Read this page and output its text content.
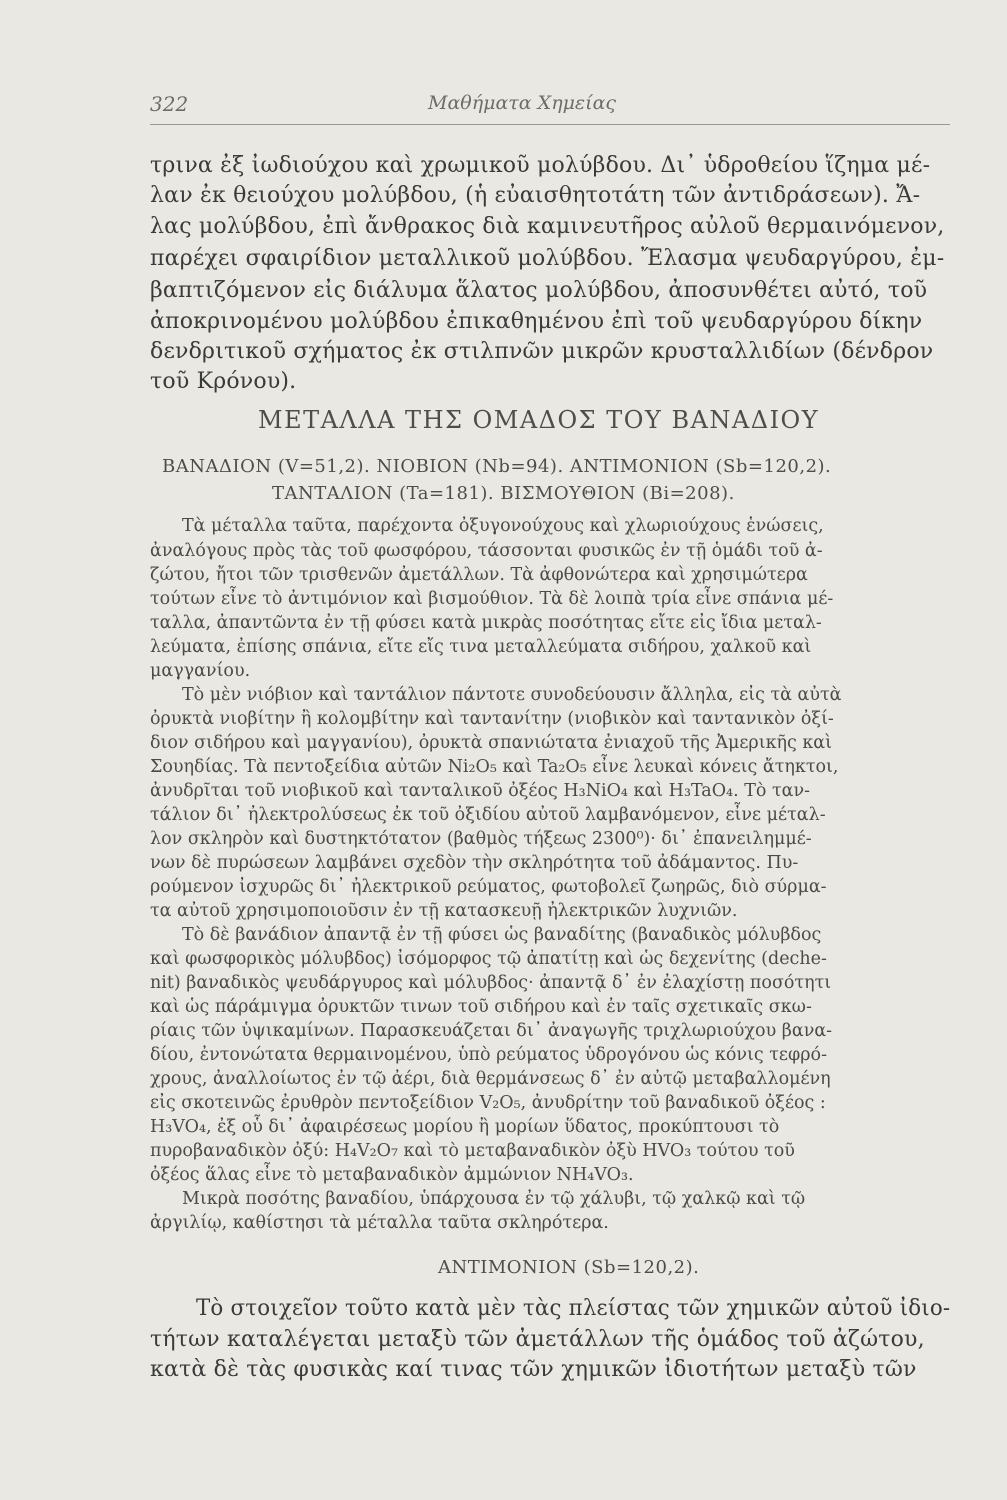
322	Μαθήματα Χημείας

τρινα ἐξ ἰωδιούχου καὶ χρωμικοῦ μολύβδου. Δι᾽ ὑδροθείου ἵζημα μέ-

λαν ἐκ θειούχου μολύβδου, (ἡ εὐαισθητοτάτη τῶν ἀντιδράσεων). Ἄ-

λας μολύβδου, ἐπὶ ἄνθρακος διὰ καμινευτῆρος αὐλοῦ θερμαινόμενον,

παρέχει σφαιρίδιον μεταλλικοῦ μολύβδου. Ἔλασμα ψευδαργύρου, ἐμ-

βαπτιζόμενον εἰς διάλυμα ἅλατος μολύβδου, ἀποσυνθέτει αὐτό, τοῦ

ἀποκρινομένου μολύβδου ἐπικαθημένου ἐπὶ τοῦ ψευδαργύρου δίκην

δενδριτικοῦ σχήματος ἐκ στιλπνῶν μικρῶν κρυσταλλιδίων (δένδρον

τοῦ Κρόνου).

ΜΕΤΑΛΛΑ ΤΗΣ ΟΜΑΔΟΣ ΤΟΥ ΒΑΝΑΔΙΟΥ

ΒΑΝΑΔΙΟΝ (V=51,2). ΝΙΟΒΙΟΝ (Nb=94). ΑΝΤΙΜΟΝΙΟΝ (Sb=120,2).

ΤΑΝΤΑΛΙΟΝ (Ta=181). ΒΙΣΜΟΥΘΙΟΝ (Bi=208).

Τὰ μέταλλα ταῦτα, παρέχοντα ὀξυγονούχους καὶ χλωριούχους ἑνώσεις,

ἀναλόγους πρὸς τὰς τοῦ φωσφόρου, τάσσονται φυσικῶς ἐν τῇ ὁμάδι τοῦ ἀ-

ζώτου, ἤτοι τῶν τρισθενῶν ἀμετάλλων. Τὰ ἀφθονώτερα καὶ χρησιμώτερα

τούτων εἶνε τὸ ἀντιμόνιον καὶ βισμούθιον. Τὰ δὲ λοιπὰ τρία εἶνε σπάνια μέ-

ταλλα, ἀπαντῶντα ἐν τῇ φύσει κατὰ μικρὰς ποσότητας εἴτε εἰς ἴδια μεταλ-

λεύματα, ἐπίσης σπάνια, εἴτε εἴς τινα μεταλλεύματα σιδήρου, χαλκοῦ καὶ

μαγγανίου.

Τὸ μὲν νιόβιον καὶ ταντάλιον πάντοτε συνοδεύουσιν ἄλληλα, εἰς τὰ αὐτὰ

ὀρυκτὰ νιοβίτην ἢ κολομβίτην καὶ ταντανίτην (νιοβικὸν καὶ ταντανικὸν ὀξί-

διον σιδήρου καὶ μαγγανίου), ὀρυκτὰ σπανιώτατα ἐνιαχοῦ τῆς Ἀμερικῆς καὶ

Σουηδίας. Τὰ πεντοξείδια αὐτῶν Ni₂O₅ καὶ Ta₂O₅ εἶνε λευκαὶ κόνεις ἄτηκτοι,

ἀνυδρῖται τοῦ νιοβικοῦ καὶ τανταλικοῦ ὀξέος H₃NiO₄ καὶ H₃TaO₄. Τὸ ταν-

τάλιον δι᾽ ἠλεκτρολύσεως ἐκ τοῦ ὀξιδίου αὐτοῦ λαμβανόμενον, εἶνε μέταλ-

λον σκληρὸν καὶ δυστηκτότατον (βαθμὸς τήξεως 2300⁰)· δι᾽ ἐπανειλημμέ-

νων δὲ πυρώσεων λαμβάνει σχεδὸν τὴν σκληρότητα τοῦ ἀδάμαντος. Πυ-

ρούμενον ἰσχυρῶς δι᾽ ἠλεκτρικοῦ ρεύματος, φωτοβολεῖ ζωηρῶς, διὸ σύρμα-

τα αὐτοῦ χρησιμοποιοῦσιν ἐν τῇ κατασκευῇ ἠλεκτρικῶν λυχνιῶν.

Τὸ δὲ βανάδιον ἀπαντᾷ ἐν τῇ φύσει ὡς βαναδίτης (βαναδικὸς μόλυβδος

καὶ φωσφορικὸς μόλυβδος) ἰσόμορφος τῷ ἀπατίτῃ καὶ ὡς δεχενίτης (deche-

nit) βαναδικὸς ψευδάργυρος καὶ μόλυβδος· ἀπαντᾷ δ᾽ ἐν ἐλαχίστῃ ποσότητι

καὶ ὡς πάράμιγμα ὀρυκτῶν τινων τοῦ σιδήρου καὶ ἐν ταῖς σχετικαῖς σκω-

ρίαις τῶν ὑψικαμίνων. Παρασκευάζεται δι᾽ ἀναγωγῆς τριχλωριούχου βανα-

δίου, ἐντονώτατα θερμαινομένου, ὑπὸ ρεύματος ὑδρογόνου ὡς κόνις τεφρό-

χρους, ἀναλλοίωτος ἐν τῷ ἀέρι, διὰ θερμάνσεως δ᾽ ἐν αὐτῷ μεταβαλλομένη

εἰς σκοτεινῶς ἐρυθρὸν πεντοξείδιον V₂O₅, ἀνυδρίτην τοῦ βαναδικοῦ ὀξέος :

H₃VO₄, ἐξ οὗ δι᾽ ἀφαιρέσεως μορίου ἢ μορίων ὕδατος, προκύπτουσι τὸ

πυροβαναδικὸν ὀξύ: H₄V₂O₇ καὶ τὸ μεταβαναδικὸν ὀξὺ HVO₃ τούτου τοῦ

ὀξέος ἅλας εἶνε τὸ μεταβαναδικὸν ἀμμώνιον NH₄VO₃.

Μικρὰ ποσότης βαναδίου, ὑπάρχουσα ἐν τῷ χάλυβι, τῷ χαλκῷ καὶ τῷ

ἀργιλίῳ, καθίστησι τὰ μέταλλα ταῦτα σκληρότερα.

ΑΝΤΙΜΟΝΙΟΝ (Sb=120,2).

Τὸ στοιχεῖον τοῦτο κατὰ μὲν τὰς πλείστας τῶν χημικῶν αὐτοῦ ἰδιο-

τήτων καταλέγεται μεταξὺ τῶν ἀμετάλλων τῆς ὁμάδος τοῦ ἀζώτου,

κατὰ δὲ τὰς φυσικὰς καί τινας τῶν χημικῶν ἰδιοτήτων μεταξὺ τῶν
